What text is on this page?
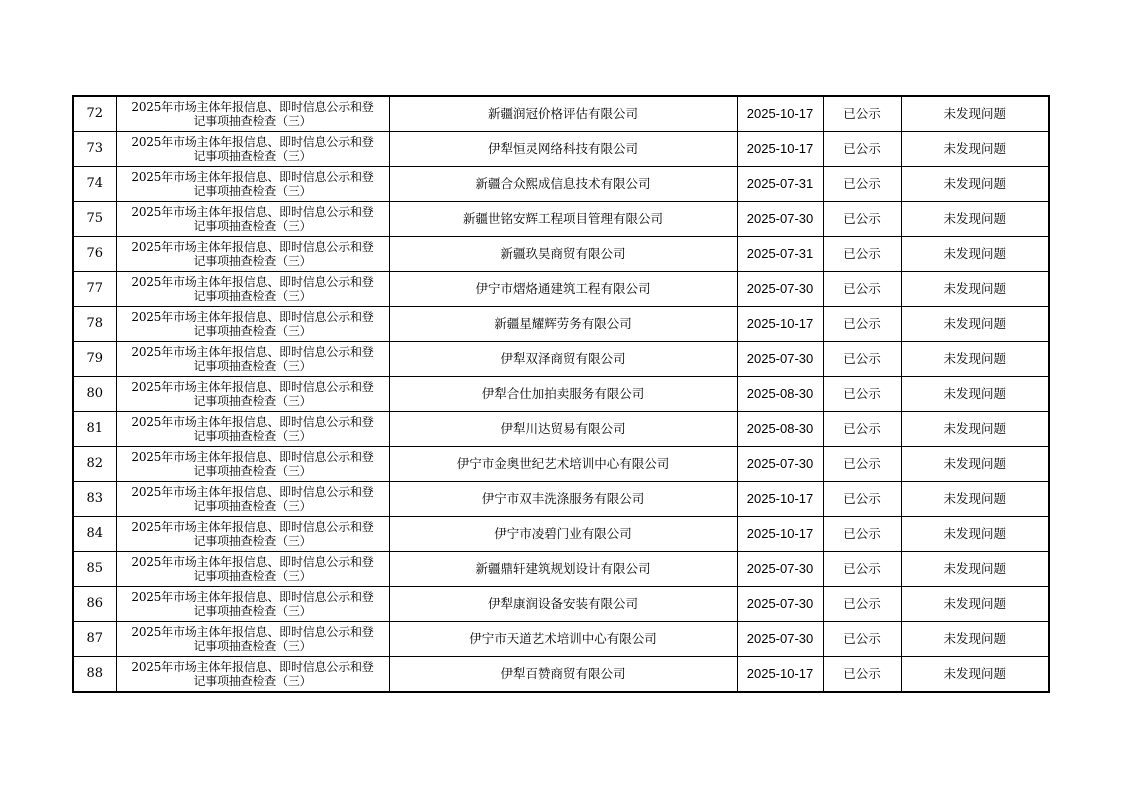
72	2025年市场主体年报信息、即时信息公示和登
记事项抽查检查（三）	新疆润冠价格评估有限公司	2025-10-17	已公示	未发现问题
73	2025年市场主体年报信息、即时信息公示和登
记事项抽查检查（三）	伊犁恒灵网络科技有限公司	2025-10-17	已公示	未发现问题
74	2025年市场主体年报信息、即时信息公示和登
记事项抽查检查（三）	新疆合众熙成信息技术有限公司	2025-07-31	已公示	未发现问题
75	2025年市场主体年报信息、即时信息公示和登
记事项抽查检查（三）	新疆世铭安辉工程项目管理有限公司	2025-07-30	已公示	未发现问题
76	2025年市场主体年报信息、即时信息公示和登
记事项抽查检查（三）	新疆玖昊商贸有限公司	2025-07-31	已公示	未发现问题
77	2025年市场主体年报信息、即时信息公示和登
记事项抽查检查（三）	伊宁市熠烙通建筑工程有限公司	2025-07-30	已公示	未发现问题
78	2025年市场主体年报信息、即时信息公示和登
记事项抽查检查（三）	新疆星耀辉劳务有限公司	2025-10-17	已公示	未发现问题
79	2025年市场主体年报信息、即时信息公示和登
记事项抽查检查（三）	伊犁双泽商贸有限公司	2025-07-30	已公示	未发现问题
80	2025年市场主体年报信息、即时信息公示和登
记事项抽查检查（三）	伊犁合仕加拍卖服务有限公司	2025-08-30	已公示	未发现问题
81	2025年市场主体年报信息、即时信息公示和登
记事项抽查检查（三）	伊犁川达贸易有限公司	2025-08-30	已公示	未发现问题
82	2025年市场主体年报信息、即时信息公示和登
记事项抽查检查（三）	伊宁市金奥世纪艺术培训中心有限公司	2025-07-30	已公示	未发现问题
83	2025年市场主体年报信息、即时信息公示和登
记事项抽查检查（三）	伊宁市双丰洗涤服务有限公司	2025-10-17	已公示	未发现问题
84	2025年市场主体年报信息、即时信息公示和登
记事项抽查检查（三）	伊宁市凌碧门业有限公司	2025-10-17	已公示	未发现问题
85	2025年市场主体年报信息、即时信息公示和登
记事项抽查检查（三）	新疆鼎轩建筑规划设计有限公司	2025-07-30	已公示	未发现问题
86	2025年市场主体年报信息、即时信息公示和登
记事项抽查检查（三）	伊犁康润设备安装有限公司	2025-07-30	已公示	未发现问题
87	2025年市场主体年报信息、即时信息公示和登
记事项抽查检查（三）	伊宁市天道艺术培训中心有限公司	2025-07-30	已公示	未发现问题
88	2025年市场主体年报信息、即时信息公示和登
记事项抽查检查（三）	伊犁百赞商贸有限公司	2025-10-17	已公示	未发现问题
